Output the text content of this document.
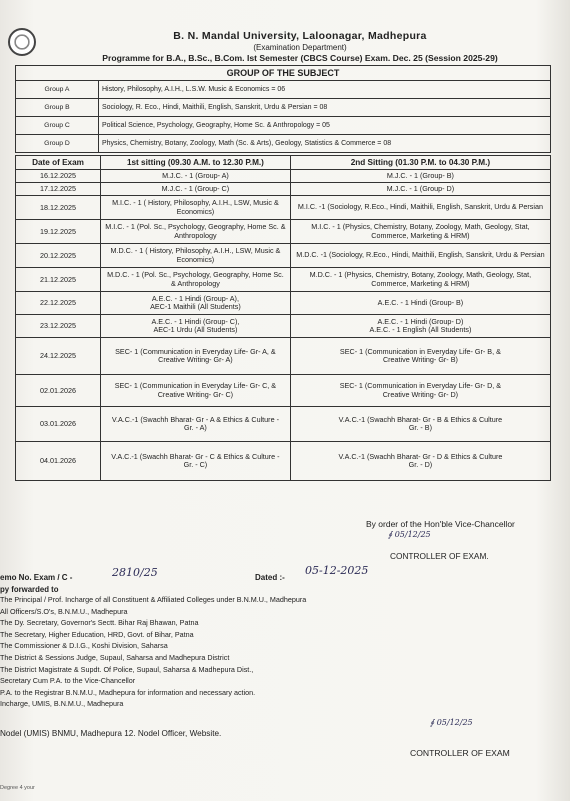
B. N. Mandal University, Laloonagar, Madhepura
(Examination Department)
Programme for B.A., B.Sc., B.Com. Ist Semester (CBCS Course) Exam. Dec. 25 (Session 2025-29)
GROUP OF THE SUBJECT	
Group A	History, Philosophy, A.I.H., L.S.W. Music & Economics = 06
Group B	Sociology, R. Eco., Hindi, Maithili, English, Sanskrit, Urdu & Persian = 08
Group C	Political Science, Psychology, Geography, Home Sc. & Anthropology = 05
Group D	Physics, Chemistry, Botany, Zoology, Math (Sc. & Arts), Geology, Statistics & Commerce = 08
Date of Exam	1st sitting (09.30 A.M. to 12.30 P.M.)	2nd Sitting (01.30 P.M. to 04.30 P.M.)
16.12.2025	M.J.C. - 1 (Group- A)	M.J.C. - 1 (Group- B)
17.12.2025	M.J.C. - 1 (Group- C)	M.J.C. - 1 (Group- D)
18.12.2025	M.I.C. - 1 ( History, Philosophy, A.I.H., LSW, Music & Economics)	M.I.C. -1 (Sociology, R.Eco., Hindi, Maithili, English, Sanskrit, Urdu & Persian
19.12.2025	M.I.C. - 1 (Pol. Sc., Psychology, Geography, Home Sc. & Anthropology	M.I.C. - 1 (Physics, Chemistry, Botany, Zoology, Math, Geology, Stat, Commerce, Marketing & HRM)
20.12.2025	M.D.C. - 1 ( History, Philosophy, A.I.H., LSW, Music & Economics)	M.D.C. -1 (Sociology, R.Eco., Hindi, Maithili, English, Sanskrit, Urdu & Persian
21.12.2025	M.D.C. - 1 (Pol. Sc., Psychology, Geography, Home Sc. & Anthropology	M.D.C. - 1 (Physics, Chemistry, Botany, Zoology, Math, Geology, Stat, Commerce, Marketing & HRM)
22.12.2025	A.E.C. - 1 Hindi (Group- A),
AEC-1 Maithili (All Students)	A.E.C. - 1 Hindi (Group- B)
23.12.2025	A.E.C. - 1 Hindi (Group- C),
AEC-1 Urdu (All Students)	A.E.C. - 1 Hindi (Group- D)
A.E.C. - 1 English (All Students)
24.12.2025	SEC- 1 (Communication in Everyday Life- Gr- A, &
Creative Writing- Gr- A)	SEC- 1 (Communication in Everyday Life- Gr- B, &
Creative Writing- Gr- B)
02.01.2026	SEC- 1 (Communication in Everyday Life- Gr- C, &
Creative Writing- Gr- C)	SEC- 1 (Communication in Everyday Life- Gr- D, &
Creative Writing- Gr- D)
03.01.2026	V.A.C.-1 (Swachh Bharat- Gr - A & Ethics & Culture -
Gr. - A)	V.A.C.-1 (Swachh Bharat- Gr - B & Ethics & Culture
Gr. - B)
04.01.2026	V.A.C.-1 (Swachh Bharat- Gr - C & Ethics & Culture -
Gr. - C)	V.A.C.-1 (Swachh Bharat- Gr - D & Ethics & Culture
Gr. - D)
By order of the Hon'ble Vice-Chancellor
∮ 05/12/25
CONTROLLER OF EXAM.
emo No. Exam / C -	2810/25	Dated :-
05-12-2025
py forwarded to
The Principal / Prof. Incharge of all Constituent & Affiliated Colleges under B.N.M.U., Madhepura
All Officers/S.O's, B.N.M.U., Madhepura
The Dy. Secretary, Governor's Sectt. Bihar Raj Bhawan, Patna
The Secretary, Higher Education, HRD, Govt. of Bihar, Patna
The Commissioner & D.I.G., Koshi Division, Saharsa
The District & Sessions Judge, Supaul, Saharsa and Madhepura District
The District Magistrate & Supdt. Of Police, Supaul, Saharsa & Madhepura Dist.,
Secretary Cum P.A. to the Vice-Chancellor
P.A. to the Registrar B.N.M.U., Madhepura for information and necessary action.
Incharge, UMIS, B.N.M.U., Madhepura
Nodel (UMIS) BNMU, Madhepura 12. Nodel Officer, Website.
∮ 05/12/25
CONTROLLER OF EXAM
Degree 4 your
